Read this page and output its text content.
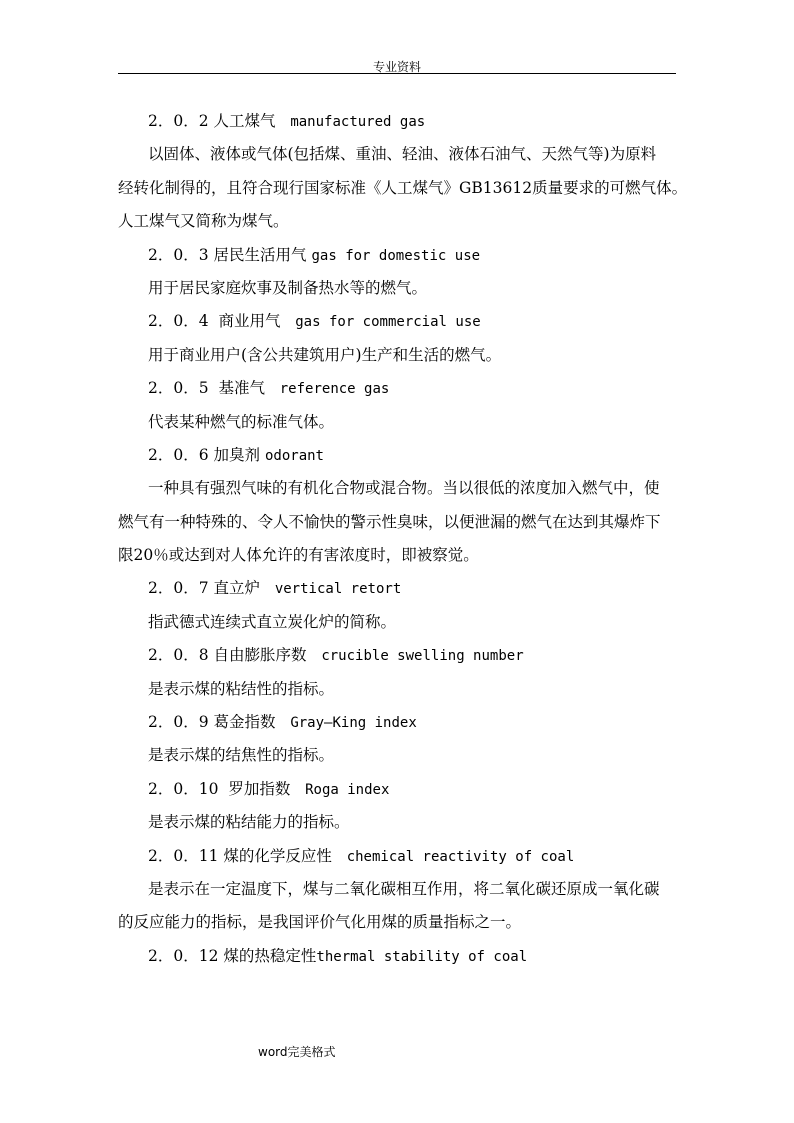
专业资料
2．0．2 人工煤气 manufactured gas
以固体、液体或气体(包括煤、重油、轻油、液体石油气、天然气等)为原料
经转化制得的，且符合现行国家标准《人工煤气》GB13612质量要求的可燃气体。
人工煤气又简称为煤气。
2．0．3 居民生活用气 gas for domestic use
用于居民家庭炊事及制备热水等的燃气。
2．0．4 商业用气 gas for commercial use
用于商业用户(含公共建筑用户)生产和生活的燃气。
2．0．5 基准气 reference gas
代表某种燃气的标准气体。
2．0．6 加臭剂 odorant
一种具有强烈气味的有机化合物或混合物。当以很低的浓度加入燃气中，使
燃气有一种特殊的、令人不愉快的警示性臭味，以便泄漏的燃气在达到其爆炸下
限20％或达到对人体允许的有害浓度时，即被察觉。
2．0．7 直立炉 vertical retort
指武德式连续式直立炭化炉的简称。
2．0．8 自由膨胀序数 crucible swelling number
是表示煤的粘结性的指标。
2．0．9 葛金指数 Gray—King index
是表示煤的结焦性的指标。
2．0．10 罗加指数 Roga index
是表示煤的粘结能力的指标。
2．0．11 煤的化学反应性 chemical reactivity of coal
是表示在一定温度下，煤与二氧化碳相互作用，将二氧化碳还原成一氧化碳
的反应能力的指标，是我国评价气化用煤的质量指标之一。
2．0．12 煤的热稳定性thermal stability of coal
word完美格式
